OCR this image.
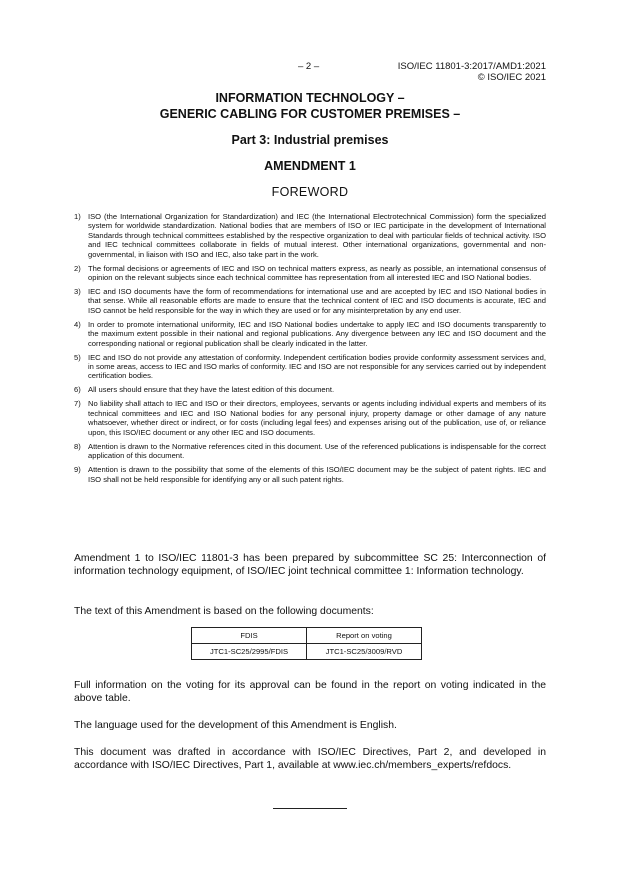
– 2 –	ISO/IEC 11801-3:2017/AMD1:2021
© ISO/IEC 2021
INFORMATION TECHNOLOGY –
GENERIC CABLING FOR CUSTOMER PREMISES –
Part 3: Industrial premises
AMENDMENT 1
FOREWORD
1) ISO (the International Organization for Standardization) and IEC (the International Electrotechnical Commission) form the specialized system for worldwide standardization. National bodies that are members of ISO or IEC participate in the development of International Standards through technical committees established by the respective organization to deal with particular fields of technical activity. ISO and IEC technical committees collaborate in fields of mutual interest. Other international organizations, governmental and non-governmental, in liaison with ISO and IEC, also take part in the work.
2) The formal decisions or agreements of IEC and ISO on technical matters express, as nearly as possible, an international consensus of opinion on the relevant subjects since each technical committee has representation from all interested IEC and ISO National bodies.
3) IEC and ISO documents have the form of recommendations for international use and are accepted by IEC and ISO National bodies in that sense. While all reasonable efforts are made to ensure that the technical content of IEC and ISO documents is accurate, IEC and ISO cannot be held responsible for the way in which they are used or for any misinterpretation by any end user.
4) In order to promote international uniformity, IEC and ISO National bodies undertake to apply IEC and ISO documents transparently to the maximum extent possible in their national and regional publications. Any divergence between any IEC and ISO document and the corresponding national or regional publication shall be clearly indicated in the latter.
5) IEC and ISO do not provide any attestation of conformity. Independent certification bodies provide conformity assessment services and, in some areas, access to IEC and ISO marks of conformity. IEC and ISO are not responsible for any services carried out by independent certification bodies.
6) All users should ensure that they have the latest edition of this document.
7) No liability shall attach to IEC and ISO or their directors, employees, servants or agents including individual experts and members of its technical committees and IEC and ISO National bodies for any personal injury, property damage or other damage of any nature whatsoever, whether direct or indirect, or for costs (including legal fees) and expenses arising out of the publication, use of, or reliance upon, this ISO/IEC document or any other IEC and ISO documents.
8) Attention is drawn to the Normative references cited in this document. Use of the referenced publications is indispensable for the correct application of this document.
9) Attention is drawn to the possibility that some of the elements of this ISO/IEC document may be the subject of patent rights. IEC and ISO shall not be held responsible for identifying any or all such patent rights.
Amendment 1 to ISO/IEC 11801-3 has been prepared by subcommittee SC 25: Interconnection of information technology equipment, of ISO/IEC joint technical committee 1: Information technology.
The text of this Amendment is based on the following documents:
FDIS	Report on voting
JTC1-SC25/2995/FDIS	JTC1-SC25/3009/RVD
Full information on the voting for its approval can be found in the report on voting indicated in the above table.
The language used for the development of this Amendment is English.
This document was drafted in accordance with ISO/IEC Directives, Part 2, and developed in accordance with ISO/IEC Directives, Part 1, available at www.iec.ch/members_experts/refdocs.
